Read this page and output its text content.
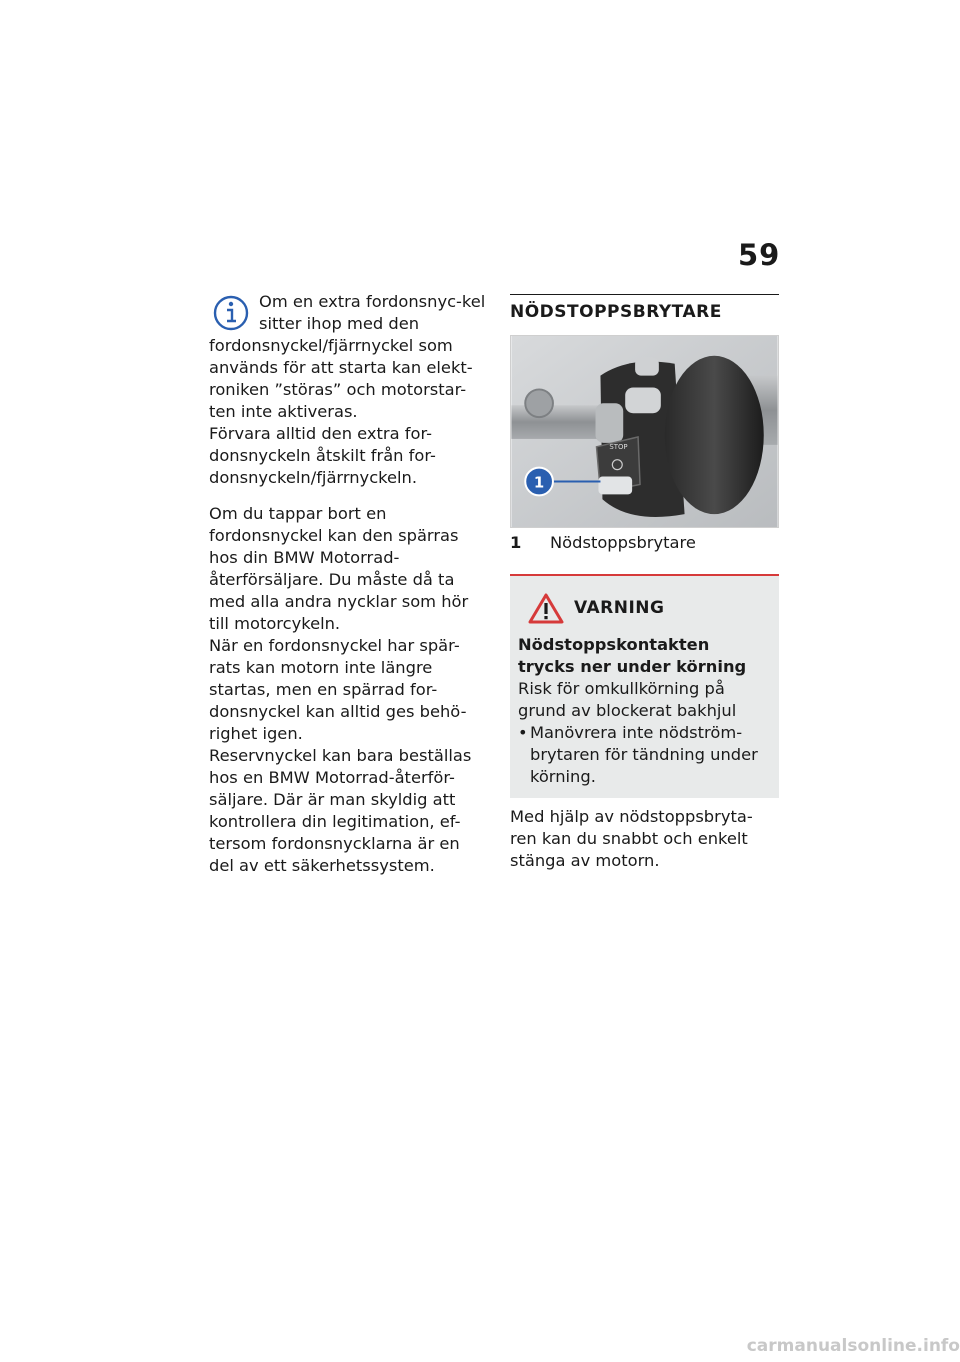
59

Om en extra fordonsnyc-kel sitter ihop med den fordonsnyckel/fjärrnyckel som används för att starta kan elekt-roniken ”störas” och motorstar-ten inte aktiveras.

Förvara alltid den extra for-donsnyckeln åtskilt från for-donsnyckeln/fjärrnyckeln.

Om du tappar bort en fordonsnyckel kan den spärras hos din BMW Motorrad-återförsäljare. Du måste då ta med alla andra nycklar som hör till motorcykeln.

När en fordonsnyckel har spär-rats kan motorn inte längre startas, men en spärrad for-donsnyckel kan alltid ges behö-righet igen.

Reservnyckel kan bara beställas hos en BMW Motorrad-återför-säljare. Där är man skyldig att kontrollera din legitimation, ef-tersom fordonsnycklarna är en del av ett säkerhetssystem.

NÖDSTOPPSBRYTARE
STOP
1
1	Nödstoppsbrytare
VARNING
Nödstoppskontakten trycks ner under körning

Risk för omkullkörning på grund av blockerat bakhjul

• Manövrera inte nödström-brytaren för tändning under körning.

Med hjälp av nödstoppsbryta-ren kan du snabbt och enkelt stänga av motorn.

carmanualsonline.info
